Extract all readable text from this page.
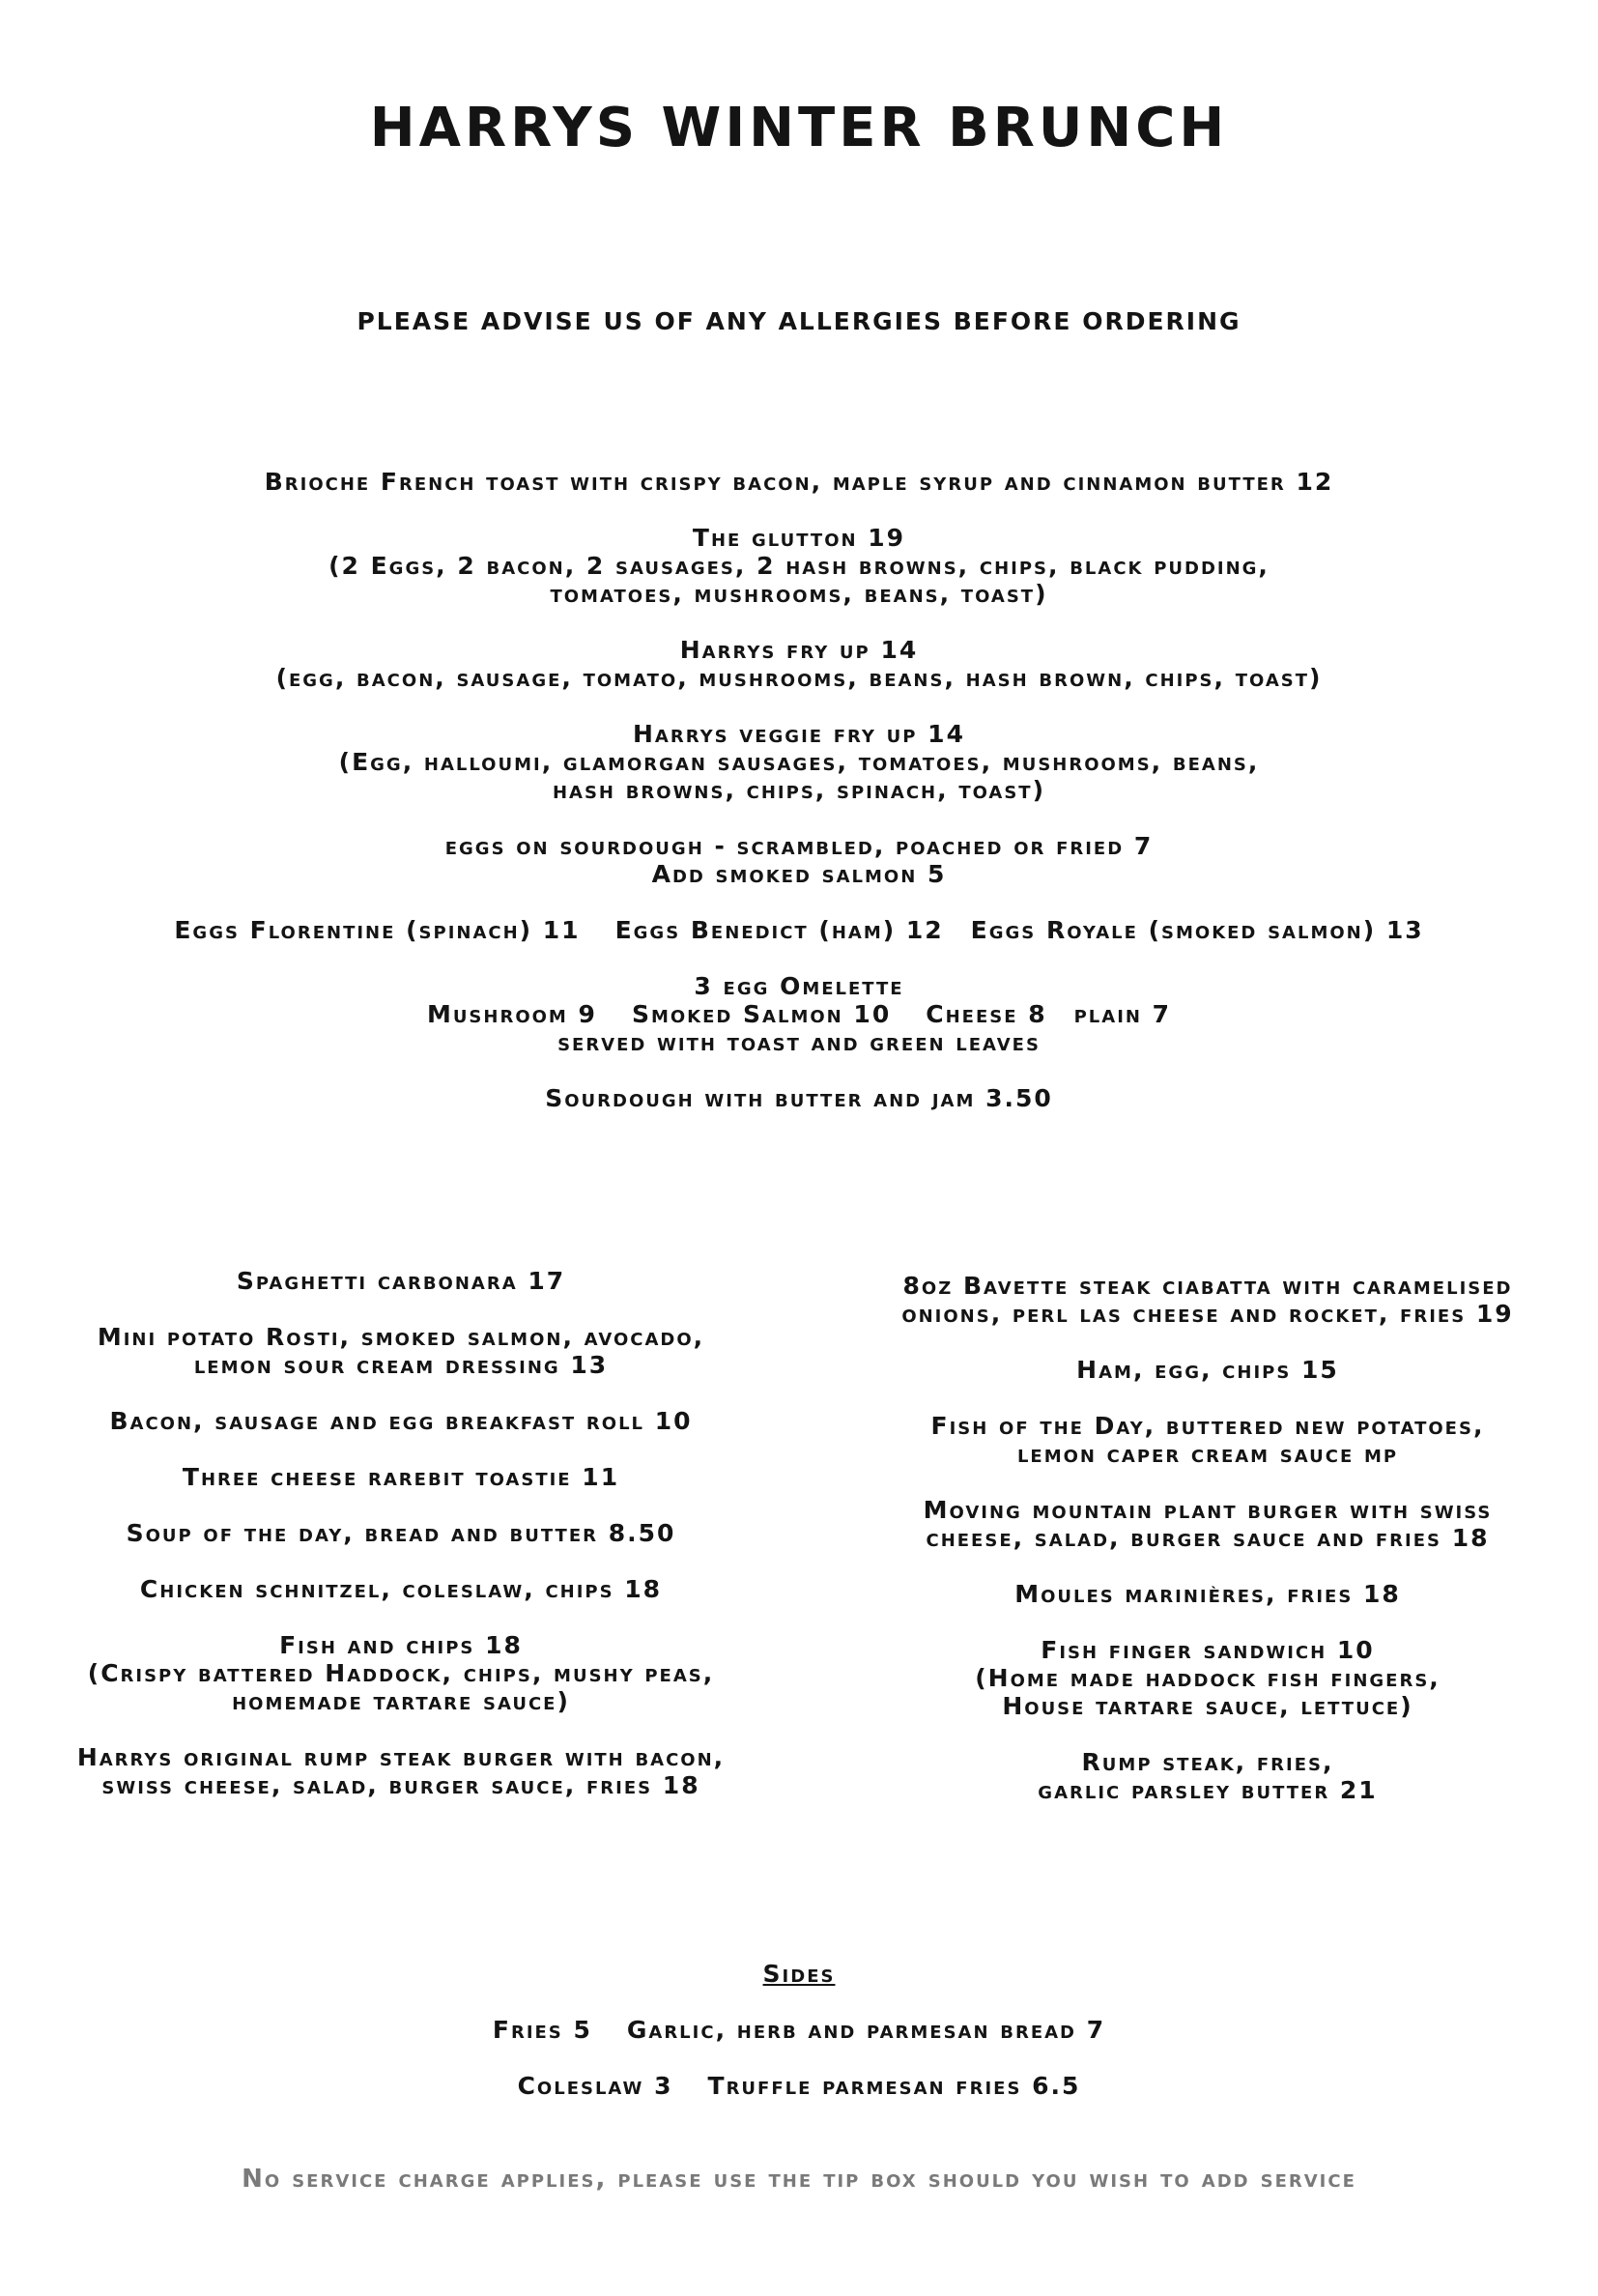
HARRYS WINTER BRUNCH
PLEASE ADVISE US OF ANY ALLERGIES BEFORE ORDERING
Brioche French toast with crispy bacon, maple syrup and cinnamon butter 12
The glutton 19
(2 Eggs, 2 bacon, 2 sausages, 2 hash browns, chips, black pudding,
tomatoes, mushrooms, beans, toast)
Harrys fry up 14
(egg, bacon, sausage, tomato, mushrooms, beans, hash brown, chips, toast)
Harrys veggie fry up 14
(Egg, halloumi, glamorgan sausages, tomatoes, mushrooms, beans,
hash browns, chips, spinach, toast)
eggs on sourdough - scrambled, poached or fried 7
Add smoked salmon 5
Eggs Florentine (spinach) 11 Eggs Benedict (ham) 12 Eggs Royale (smoked salmon) 13
3 egg Omelette
Mushroom 9 Smoked Salmon 10 Cheese 8 plain 7
served with toast and green leaves
Sourdough with butter and jam 3.50
Spaghetti carbonara 17
Mini potato Rosti, smoked salmon, avocado,
lemon sour cream dressing 13
Bacon, sausage and egg breakfast roll 10
Three cheese rarebit toastie 11
Soup of the day, bread and butter 8.50
Chicken schnitzel, coleslaw, chips 18
Fish and chips 18
(Crispy battered Haddock, chips, mushy peas,
homemade tartare sauce)
Harrys original rump steak burger with bacon,
swiss cheese, salad, burger sauce, fries 18
8oz Bavette steak ciabatta with caramelised
onions, perl las cheese and rocket, fries 19
Ham, egg, chips 15
Fish of the Day, buttered new potatoes,
lemon caper cream sauce mp
Moving mountain plant burger with swiss
cheese, salad, burger sauce and fries 18
Moules marinières, fries 18
Fish finger sandwich 10
(Home made haddock fish fingers,
House tartare sauce, lettuce)
Rump steak, fries,
garlic parsley butter 21
Sides
Fries 5 Garlic, herb and parmesan bread 7
Coleslaw 3 Truffle parmesan fries 6.5
No service charge applies, please use the tip box should you wish to add service
